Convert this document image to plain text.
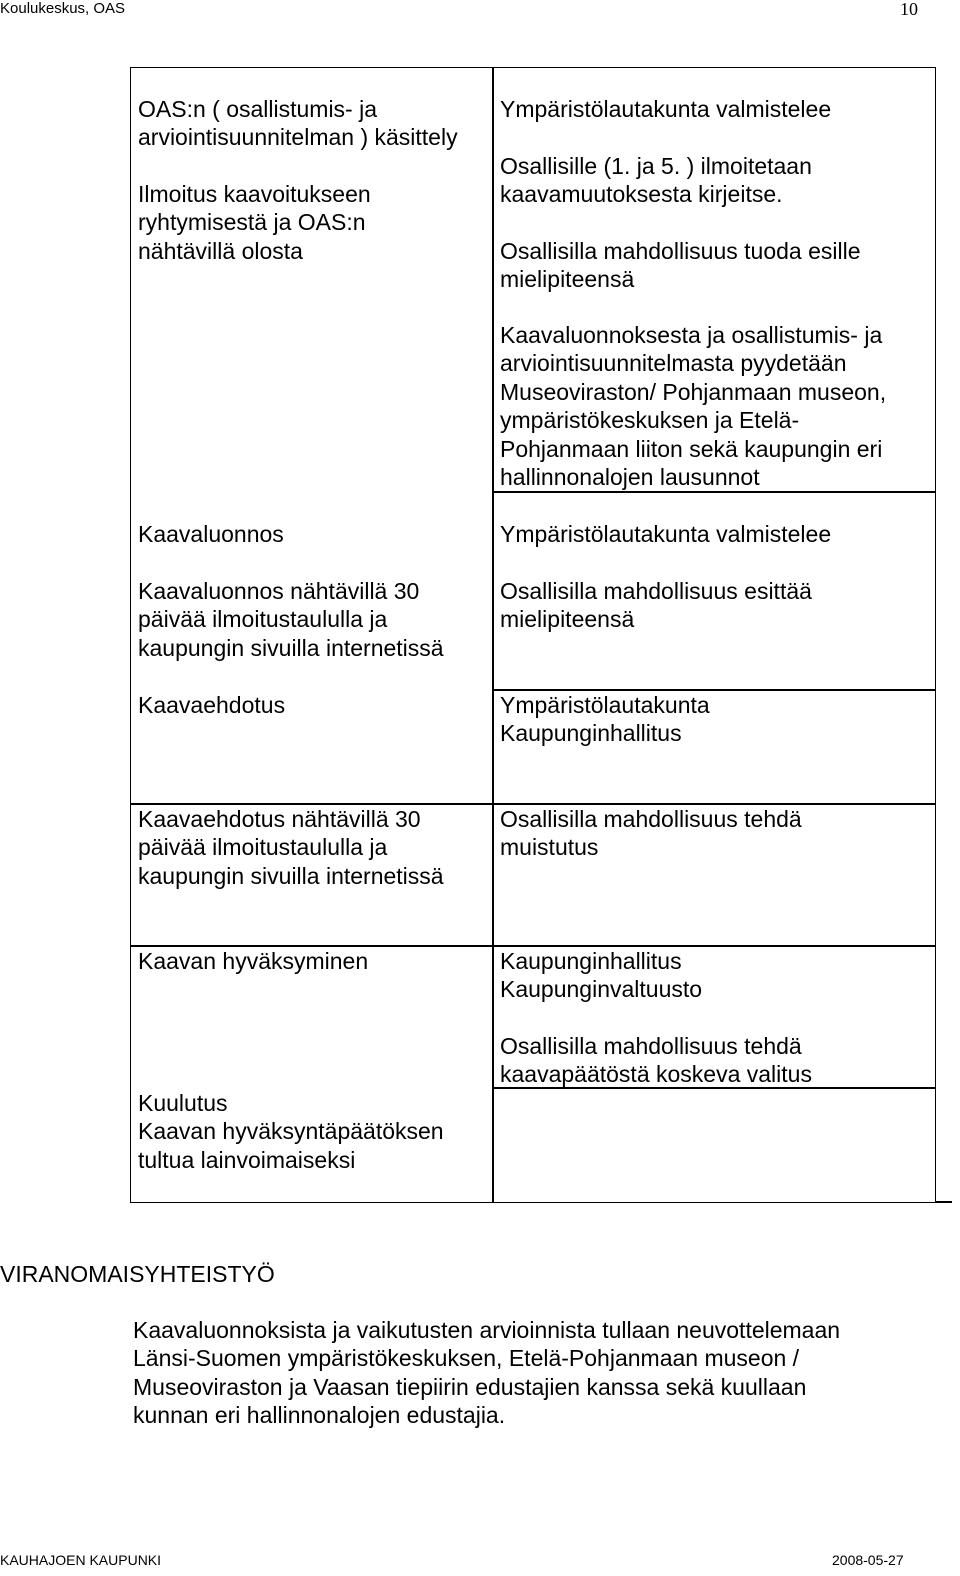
Koulukeskus, OAS	10
OAS:n ( osallistumis- ja
arviointisuunnitelman ) käsittely
Ilmoitus kaavoitukseen
ryhtymisestä ja OAS:n
nähtävillä olosta
Kaavaluonnos
Kaavaluonnos nähtävillä 30
päivää ilmoitustaululla ja
kaupungin sivuilla internetissä
Kaavaehdotus
Kaavaehdotus nähtävillä 30
päivää ilmoitustaululla ja
kaupungin sivuilla internetissä
Kaavan hyväksyminen
Kuulutus
Kaavan hyväksyntäpäätöksen
tultua lainvoimaiseksi
Ympäristölautakunta valmistelee
Osallisille (1. ja 5. ) ilmoitetaan
kaavamuutoksesta kirjeitse.
Osallisilla mahdollisuus tuoda esille
mielipiteensä
Kaavaluonnoksesta ja osallistumis- ja
arviointisuunnitelmasta pyydetään
Museoviraston/ Pohjanmaan museon,
ympäristökeskuksen ja Etelä-
Pohjanmaan liiton sekä kaupungin eri
hallinnonalojen lausunnot
Ympäristölautakunta valmistelee
Osallisilla mahdollisuus esittää
mielipiteensä
Ympäristölautakunta
Kaupunginhallitus
Osallisilla mahdollisuus tehdä
muistutus
Kaupunginhallitus
Kaupunginvaltuusto
Osallisilla mahdollisuus tehdä
kaavapäätöstä koskeva valitus
VIRANOMAISYHTEISTYÖ
Kaavaluonnoksista ja vaikutusten arvioinnista tullaan neuvottelemaan
Länsi-Suomen ympäristökeskuksen, Etelä-Pohjanmaan museon /
Museoviraston ja Vaasan tiepiirin edustajien kanssa sekä kuullaan
kunnan eri hallinnonalojen edustajia.
KAUHAJOEN KAUPUNKI	2008-05-27
